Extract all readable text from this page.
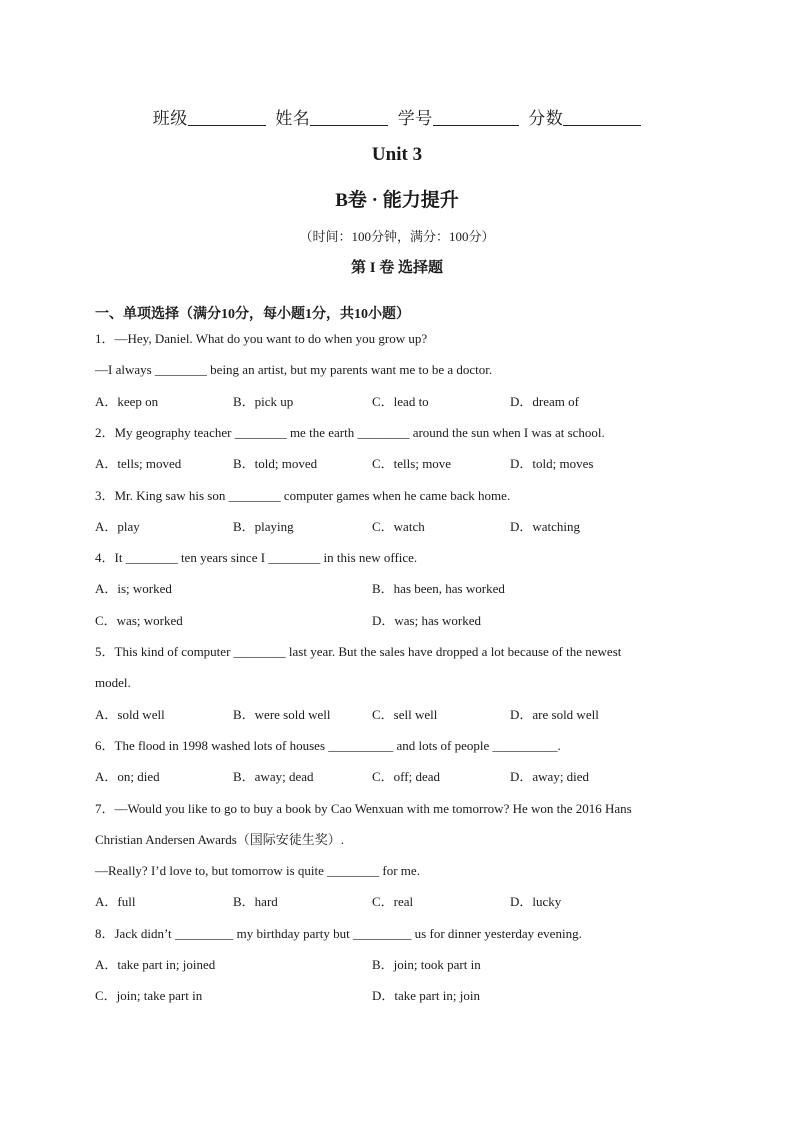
班级	姓名	学号	分数
Unit 3
B卷 · 能力提升
（时间：100分钟，满分：100分）
第 I 卷 选择题
一、单项选择（满分10分，每小题1分，共10小题）
1．—Hey, Daniel. What do you want to do when you grow up?
—I always ________ being an artist, but my parents want me to be a doctor.
A．keep on	B．pick up	C．lead to	D．dream of
2．My geography teacher ________ me the earth ________ around the sun when I was at school.
A．tells; moved	B．told; moved	C．tells; move	D．told; moves
3．Mr. King saw his son ________ computer games when he came back home.
A．play	B．playing	C．watch	D．watching
4．It ________ ten years since I ________ in this new office.
A．is; worked	B．has been, has worked
C．was; worked	D．was; has worked
5．This kind of computer ________ last year. But the sales have dropped a lot because of the newest
model.
A．sold well	B．were sold well	C．sell well	D．are sold well
6．The flood in 1998 washed lots of houses __________ and lots of people __________.
A．on; died	B．away; dead	C．off; dead	D．away; died
7．—Would you like to go to buy a book by Cao Wenxuan with me tomorrow? He won the 2016 Hans
Christian Andersen Awards（国际安徒生奖）.
—Really? I’d love to, but tomorrow is quite ________ for me.
A．full	B．hard	C．real	D．lucky
8．Jack didn’t _________ my birthday party but _________ us for dinner yesterday evening.
A．take part in; joined	B．join; took part in
C．join; take part in	D．take part in; join
